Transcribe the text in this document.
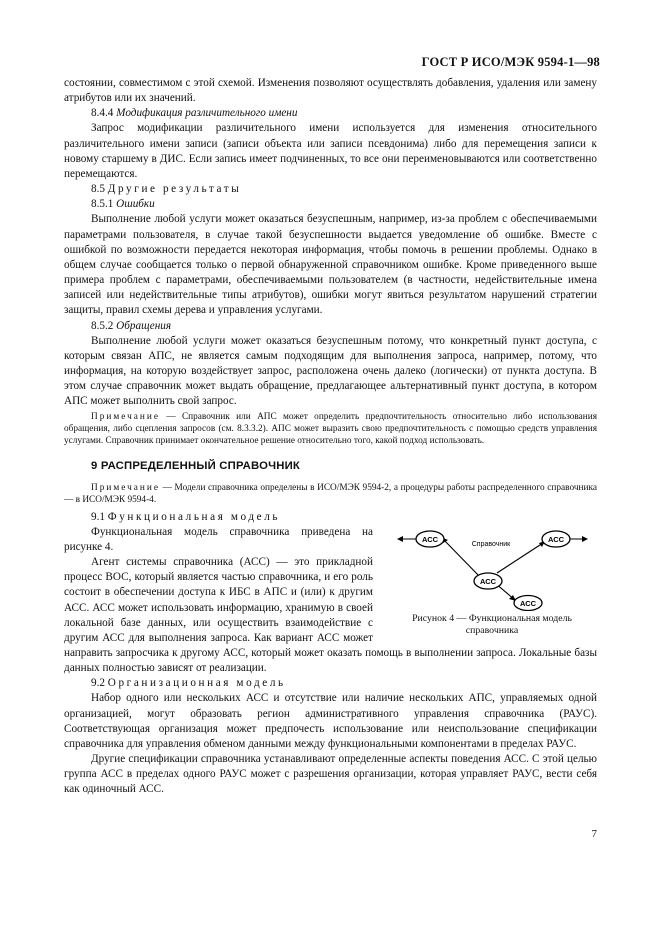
ГОСТ Р ИСО/МЭК 9594-1—98

состоянии, совместимом с этой схемой. Изменения позволяют осуществлять добавления, удаления или замену атрибутов или их значений.

8.4.4 Модификация различительного имени

Запрос модификации различительного имени используется для изменения относительного различительного имени записи (записи объекта или записи псевдонима) либо для перемещения записи к новому старшему в ДИС. Если запись имеет подчиненных, то все они переименовываются или соответственно перемещаются.

8.5 Другие результаты

8.5.1 Ошибки

Выполнение любой услуги может оказаться безуспешным, например, из-за проблем с обеспечиваемыми параметрами пользователя, в случае такой безуспешности выдается уведомление об ошибке. Вместе с ошибкой по возможности передается некоторая информация, чтобы помочь в решении проблемы. Однако в общем случае сообщается только о первой обнаруженной справочником ошибке. Кроме приведенного выше примера проблем с параметрами, обеспечиваемыми пользователем (в частности, недействительные имена записей или недействительные типы атрибутов), ошибки могут явиться результатом нарушений стратегии защиты, правил схемы дерева и управления услугами.

8.5.2 Обращения

Выполнение любой услуги может оказаться безуспешным потому, что конкретный пункт доступа, с которым связан АПС, не является самым подходящим для выполнения запроса, например, потому, что информация, на которую воздействует запрос, расположена очень далеко (логически) от пункта доступа. В этом случае справочник может выдать обращение, предлагающее альтернативный пункт доступа, в котором АПС может выполнить свой запрос.

Примечание — Справочник или АПС может определить предпочтительность относительно либо использования обращения, либо сцепления запросов (см. 8.3.3.2). АПС может выразить свою предпочтительность с помощью средств управления услугами. Справочник принимает окончательное решение относительно того, какой подход использовать.

9 РАСПРЕДЕЛЕННЫЙ СПРАВОЧНИК

Примечание — Модели справочника определены в ИСО/МЭК 9594-2, а процедуры работы распределенного справочника — в ИСО/МЭК 9594-4.

9.1 Функциональная модель

АСС	АСС
АСС
АСС
Справочник
Рисунок 4 — Функциональная модель справочника

Функциональная модель справочника приведена на рисунке 4.

Агент системы справочника (АСС) — это прикладной процесс ВОС, который является частью справочника, и его роль состоит в обеспечении доступа к ИБС в АПС и (или) к другим АСС. АСС может использовать информацию, хранимую в своей локальной базе данных, или осуществить взаимодействие с другим АСС для выполнения запроса. Как вариант АСС может направить запросчика к другому АСС, который может оказать помощь в выполнении запроса. Локальные базы данных полностью зависят от реализации.

9.2 Организационная модель

Набор одного или нескольких АСС и отсутствие или наличие нескольких АПС, управляемых одной организацией, могут образовать регион административного управления справочника (РАУС). Соответствующая организация может предпочесть использование или неиспользование спецификации справочника для управления обменом данными между функциональными компонентами в пределах РАУС.

Другие спецификации справочника устанавливают определенные аспекты поведения АСС. С этой целью группа АСС в пределах одного РАУС может с разрешения организации, которая управляет РАУС, вести себя как одиночный АСС.

7
